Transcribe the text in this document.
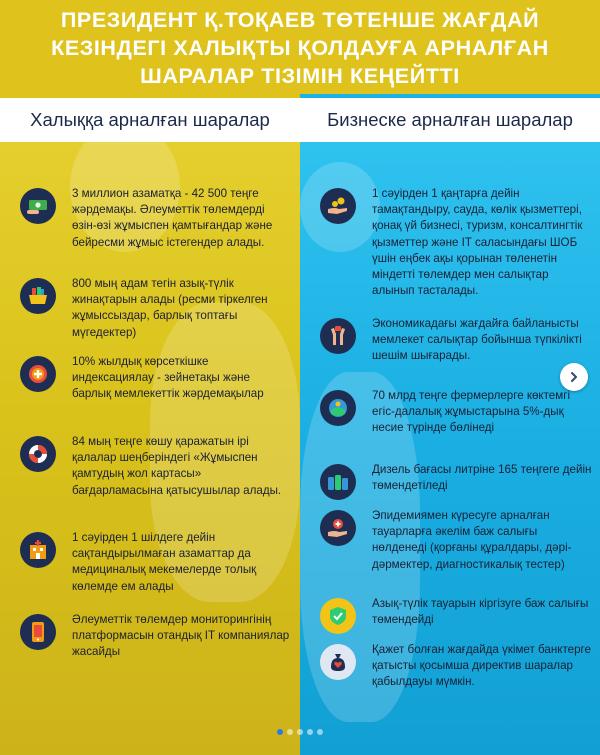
ПРЕЗИДЕНТ Қ.ТОҚАЕВ ТӨТЕНШЕ ЖАҒДАЙ
КЕЗІНДЕГІ ХАЛЫҚТЫ ҚОЛДАУҒА АРНАЛҒАН
ШАРАЛАР ТІЗІМІН КЕҢЕЙТТІ
Халыққа арналған шаралар	Бизнеске арналған шаралар
3 миллион азаматқа - 42 500 теңге жәрдемақы. Әлеуметтік төлемдерді өзін-өзі жұмыспен қамтығандар және бейресми жұмыс істегендер алады.
800 мың адам тегін азық-түлік жинақтарын алады (ресми тіркелген жұмыссыздар, барлық топтағы мүгедектер)
10% жылдық көрсеткішке индексациялау - зейнетақы және барлық мемлекеттік жәрдемақылар
84 мың теңге көшу қаражатын ірі қалалар шеңберіндегі «Жұмыспен қамтудың жол картасы» бағдарламасына қатысушылар алады.
1 сәуірден 1 шілдеге дейін сақтандырылмаған азаматтар да медициналық мекемелерде толық көлемде ем алады
Әлеуметтік төлемдер мониторингінің платформасын отандық IT компаниялар жасайды
1 сәуірден 1 қаңтарға дейін тамақтандыру, сауда, көлік қызметтері, қонақ үй бизнесі, туризм, консалтингтік қызметтер және IT саласындағы ШОБ үшін еңбек ақы қорынан төленетін міндетті төлемдер мен салықтар алынып тасталады.
Экономикадағы жағдайға байланысты мемлекет салықтар бойынша түпкілікті шешім шығарады.
70 млрд теңге фермерлерге көктемгі егіс-далалық жұмыстарына 5%-дық несие түрінде бөлінеді
Дизель бағасы литріне 165 теңгеге дейін төмендетіледі
Эпидемиямен күресуге арналған тауарларға әкелім баж салығы нөлденеді (қорғаны құралдары, дәрі-дәрмектер, диагностикалық тестер)
Азық-түлік тауарын кіргізуге баж салығы төмендейді
Қажет болған жағдайда үкімет банктерге қатысты қосымша директив шаралар қабылдауы мүмкін.
